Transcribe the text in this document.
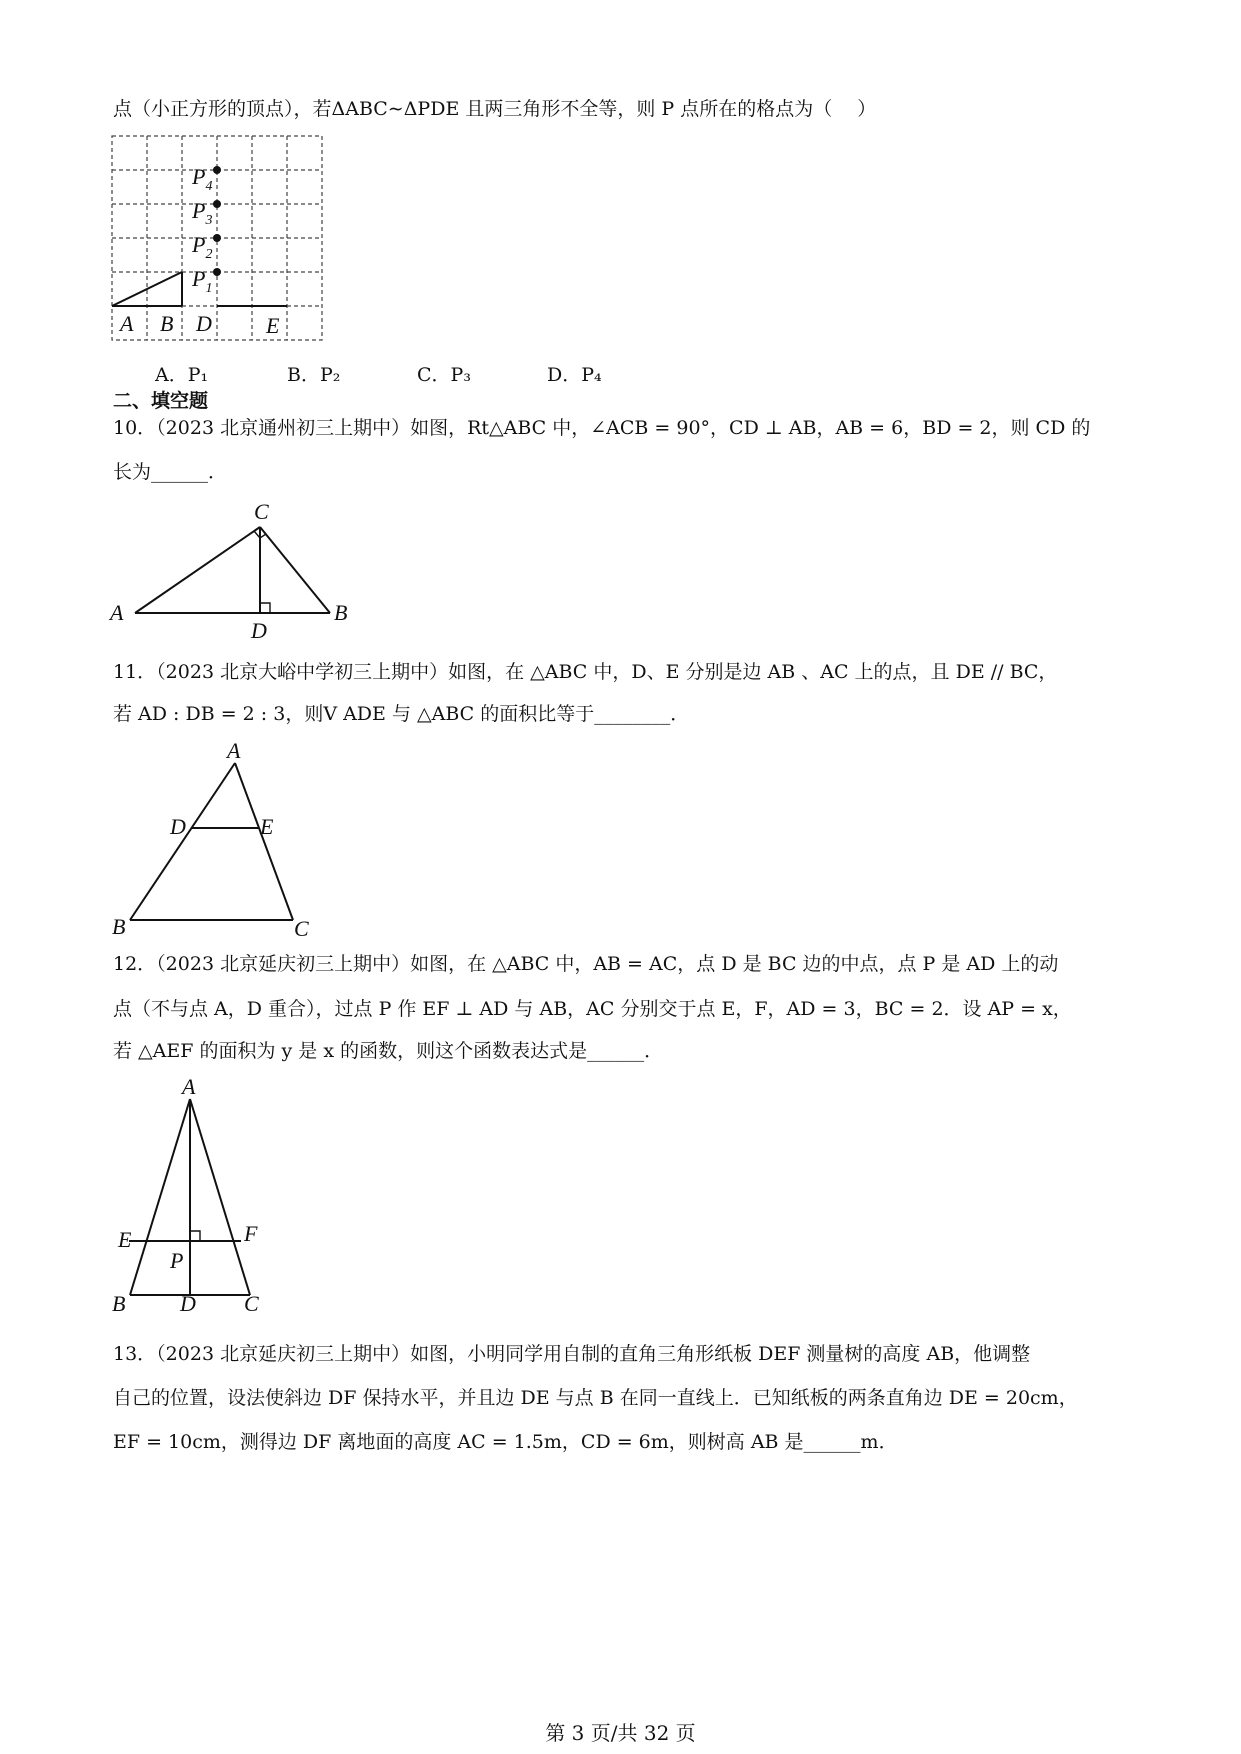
点（小正方形的顶点），若ΔABC∼ΔPDE 且两三角形不全等，则 P 点所在的格点为（　 ）
$P_4$
$P_3$
$P_2$
$P_1$
A B D E
A．P₁	B．P₂	C．P₃	D．P₄
二、填空题
10．（2023 北京通州初三上期中）如图，Rt△ABC 中，∠ACB = 90°，CD ⊥ AB，AB = 6，BD = 2，则 CD 的
长为______．
A	B
C
D
11．（2023 北京大峪中学初三上期中）如图，在 △ABC 中，D、E 分别是边 AB 、AC 上的点，且 DE // BC，
若 AD : DB = 2 : 3，则V ADE 与 △ABC 的面积比等于________．
A
B	C
D	E
12．（2023 北京延庆初三上期中）如图，在 △ABC 中，AB = AC，点 D 是 BC 边的中点，点 P 是 AD 上的动
点（不与点 A，D 重合），过点 P 作 EF ⊥ AD 与 AB，AC 分别交于点 E，F，AD = 3，BC = 2．设 AP = x，
若 △AEF 的面积为 y 是 x 的函数，则这个函数表达式是______．
A
B	C
D
E	F
P
13．（2023 北京延庆初三上期中）如图，小明同学用自制的直角三角形纸板 DEF 测量树的高度 AB，他调整
自己的位置，设法使斜边 DF 保持水平，并且边 DE 与点 B 在同一直线上．已知纸板的两条直角边 DE = 20cm，
EF = 10cm，测得边 DF 离地面的高度 AC = 1.5m，CD = 6m，则树高 AB 是______m．
第 3 页/共 32 页
